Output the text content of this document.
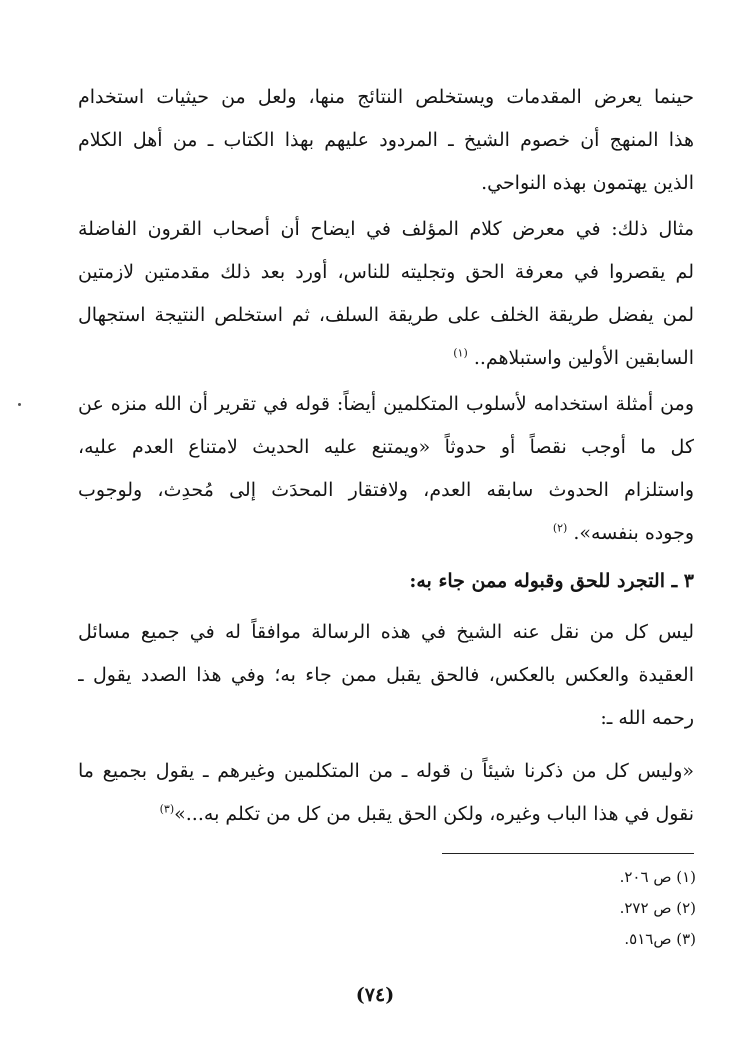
حينما يعرض المقدمات ويستخلص النتائج منها، ولعل من حيثيات استخدام
هذا المنهج أن خصوم الشيخ ـ المردود عليهم بهذا الكتاب ـ من أهل الكلام
الذين يهتمون بهذه النواحي.
مثال ذلك: في معرض كلام المؤلف في ايضاح أن أصحاب القرون الفاضلة
لم يقصروا في معرفة الحق وتجليته للناس، أورد بعد ذلك مقدمتين لازمتين
لمن يفضل طريقة الخلف على طريقة السلف، ثم استخلص النتيجة استجهال
السابقين الأولين واستبلاهم.. $^{(١)}$
ومن أمثلة استخدامه لأسلوب المتكلمين أيضاً: قوله في تقرير أن الله منزه عن
كل ما أوجب نقصاً أو حدوثاً «ويمتنع عليه الحديث لامتناع العدم عليه،
واستلزام الحدوث سابقه العدم، ولافتقار المحدَث إلى مُحدِث، ولوجوب
وجوده بنفسه». $^{(٢)}$
٣ ـ التجرد للحق وقبوله ممن جاء به:
ليس كل من نقل عنه الشيخ في هذه الرسالة موافقاً له في جميع مسائل
العقيدة والعكس بالعكس، فالحق يقبل ممن جاء به؛ وفي هذا الصدد يقول ـ
رحمه الله ـ:
«وليس كل من ذكرنا شيئاً ن قوله ـ من المتكلمين وغيرهم ـ يقول بجميع ما
نقول في هذا الباب وغيره، ولكن الحق يقبل من كل من تكلم به...»$^{(٣)}$
(١) ص ٢٠٦.
(٢) ص ٢٧٢.
(٣) ص٥١٦.
(٧٤)
